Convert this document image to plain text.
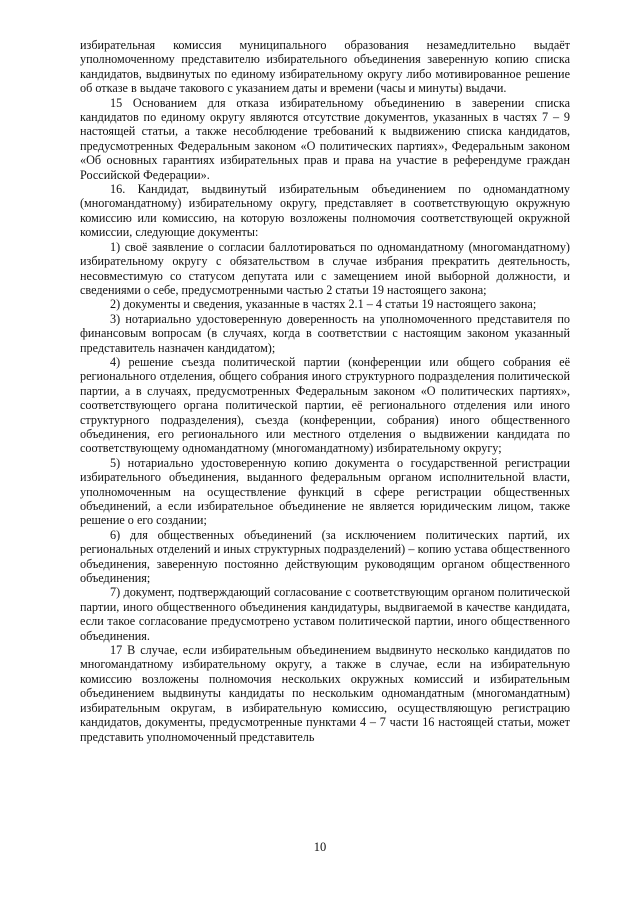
избирательная комиссия муниципального образования незамедлительно выдаёт уполномоченному представителю избирательного объединения заверенную копию списка кандидатов, выдвинутых по единому избирательному округу либо мотивированное решение об отказе в выдаче такового с указанием даты и времени (часы и минуты) выдачи.

15 Основанием для отказа избирательному объединению в заверении списка кандидатов по единому округу являются отсутствие документов, указанных в частях 7 – 9 настоящей статьи, а также несоблюдение требований к выдвижению списка кандидатов, предусмотренных Федеральным законом «О политических партиях», Федеральным законом «Об основных гарантиях избирательных прав и права на участие в референдуме граждан Российской Федерации».

16. Кандидат, выдвинутый избирательным объединением по одномандатному (многомандатному) избирательному округу, представляет в соответствующую окружную комиссию или комиссию, на которую возложены полномочия соответствующей окружной комиссии, следующие документы:

1) своё заявление о согласии баллотироваться по одномандатному (многомандатному) избирательному округу с обязательством в случае избрания прекратить деятельность, несовместимую со статусом депутата или с замещением иной выборной должности, и сведениями о себе, предусмотренными частью 2 статьи 19 настоящего закона;

2) документы и сведения, указанные в частях 2.1 – 4 статьи 19 настоящего закона;

3) нотариально удостоверенную доверенность на уполномоченного представителя по финансовым вопросам (в случаях, когда в соответствии с настоящим законом указанный представитель назначен кандидатом);

4) решение съезда политической партии (конференции или общего собрания её регионального отделения, общего собрания иного структурного подразделения политической партии, а в случаях, предусмотренных Федеральным законом «О политических партиях», соответствующего органа политической партии, её регионального отделения или иного структурного подразделения), съезда (конференции, собрания) иного общественного объединения, его регионального или местного отделения о выдвижении кандидата по соответствующему одномандатному (многомандатному) избирательному округу;

5) нотариально удостоверенную копию документа о государственной регистрации избирательного объединения, выданного федеральным органом исполнительной власти, уполномоченным на осуществление функций в сфере регистрации общественных объединений, а если избирательное объединение не является юридическим лицом, также решение о его создании;

6) для общественных объединений (за исключением политических партий, их региональных отделений и иных структурных подразделений) – копию устава общественного объединения, заверенную постоянно действующим руководящим органом общественного объединения;

7) документ, подтверждающий согласование с соответствующим органом политической партии, иного общественного объединения кандидатуры, выдвигаемой в качестве кандидата, если такое согласование предусмотрено уставом политической партии, иного общественного объединения.

17 В случае, если избирательным объединением выдвинуто несколько кандидатов по многомандатному избирательному округу, а также в случае, если на избирательную комиссию возложены полномочия нескольких окружных комиссий и избирательным объединением выдвинуты кандидаты по нескольким одномандатным (многомандатным) избирательным округам, в избирательную комиссию, осуществляющую регистрацию кандидатов, документы, предусмотренные пунктами 4 – 7 части 16 настоящей статьи, может представить уполномоченный представитель

10
